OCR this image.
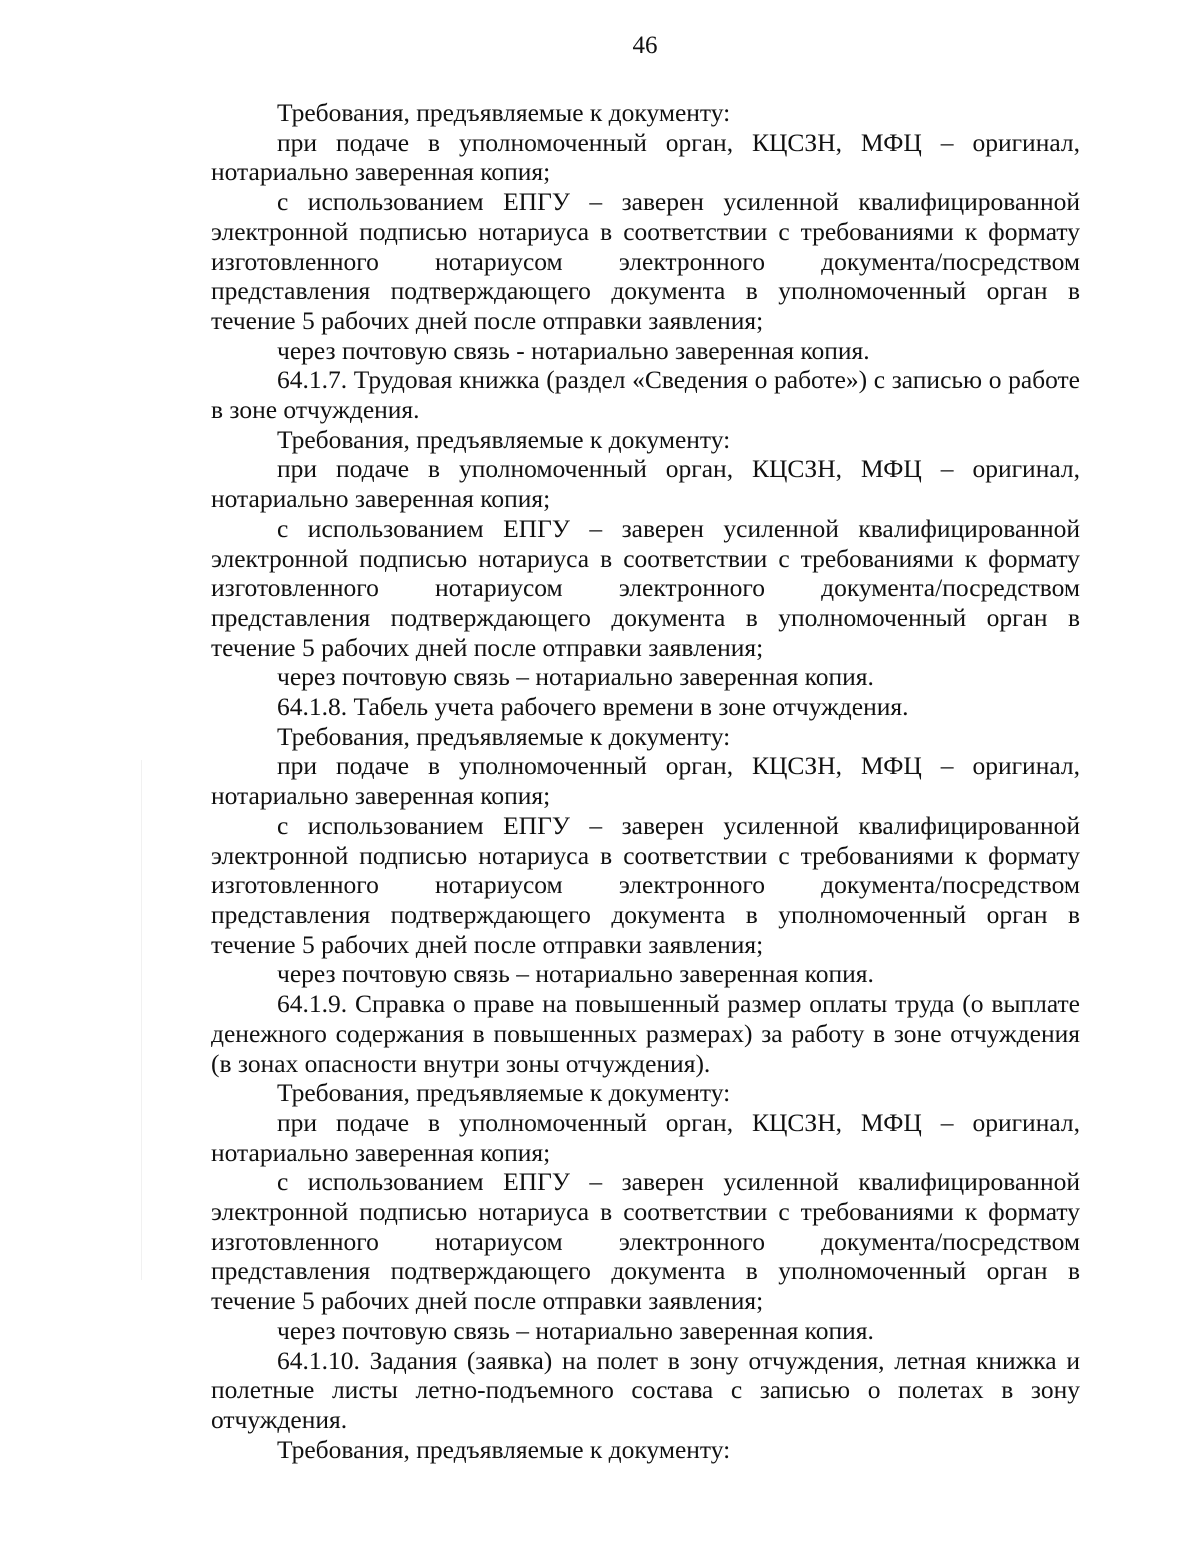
46

Требования, предъявляемые к документу:

при подаче в уполномоченный орган, КЦСЗН, МФЦ – оригинал, нотариально заверенная копия;

с использованием ЕПГУ – заверен усиленной квалифицированной электронной подписью нотариуса в соответствии с требованиями к формату изготовленного нотариусом электронного документа/посредством представления подтверждающего документа в уполномоченный орган в течение 5 рабочих дней после отправки заявления;

через почтовую связь - нотариально заверенная копия.

64.1.7. Трудовая книжка (раздел «Сведения о работе») с записью о работе в зоне отчуждения.

Требования, предъявляемые к документу:

при подаче в уполномоченный орган, КЦСЗН, МФЦ – оригинал, нотариально заверенная копия;

с использованием ЕПГУ – заверен усиленной квалифицированной электронной подписью нотариуса в соответствии с требованиями к формату изготовленного нотариусом электронного документа/посредством представления подтверждающего документа в уполномоченный орган в течение 5 рабочих дней после отправки заявления;

через почтовую связь – нотариально заверенная копия.

64.1.8. Табель учета рабочего времени в зоне отчуждения.

Требования, предъявляемые к документу:

при подаче в уполномоченный орган, КЦСЗН, МФЦ – оригинал, нотариально заверенная копия;

с использованием ЕПГУ – заверен усиленной квалифицированной электронной подписью нотариуса в соответствии с требованиями к формату изготовленного нотариусом электронного документа/посредством представления подтверждающего документа в уполномоченный орган в течение 5 рабочих дней после отправки заявления;

через почтовую связь – нотариально заверенная копия.

64.1.9. Справка о праве на повышенный размер оплаты труда (о выплате денежного содержания в повышенных размерах) за работу в зоне отчуждения (в зонах опасности внутри зоны отчуждения).

Требования, предъявляемые к документу:

при подаче в уполномоченный орган, КЦСЗН, МФЦ – оригинал, нотариально заверенная копия;

с использованием ЕПГУ – заверен усиленной квалифицированной электронной подписью нотариуса в соответствии с требованиями к формату изготовленного нотариусом электронного документа/посредством представления подтверждающего документа в уполномоченный орган в течение 5 рабочих дней после отправки заявления;

через почтовую связь – нотариально заверенная копия.

64.1.10. Задания (заявка) на полет в зону отчуждения, летная книжка и полетные листы летно-подъемного состава с записью о полетах в зону отчуждения.

Требования, предъявляемые к документу:
